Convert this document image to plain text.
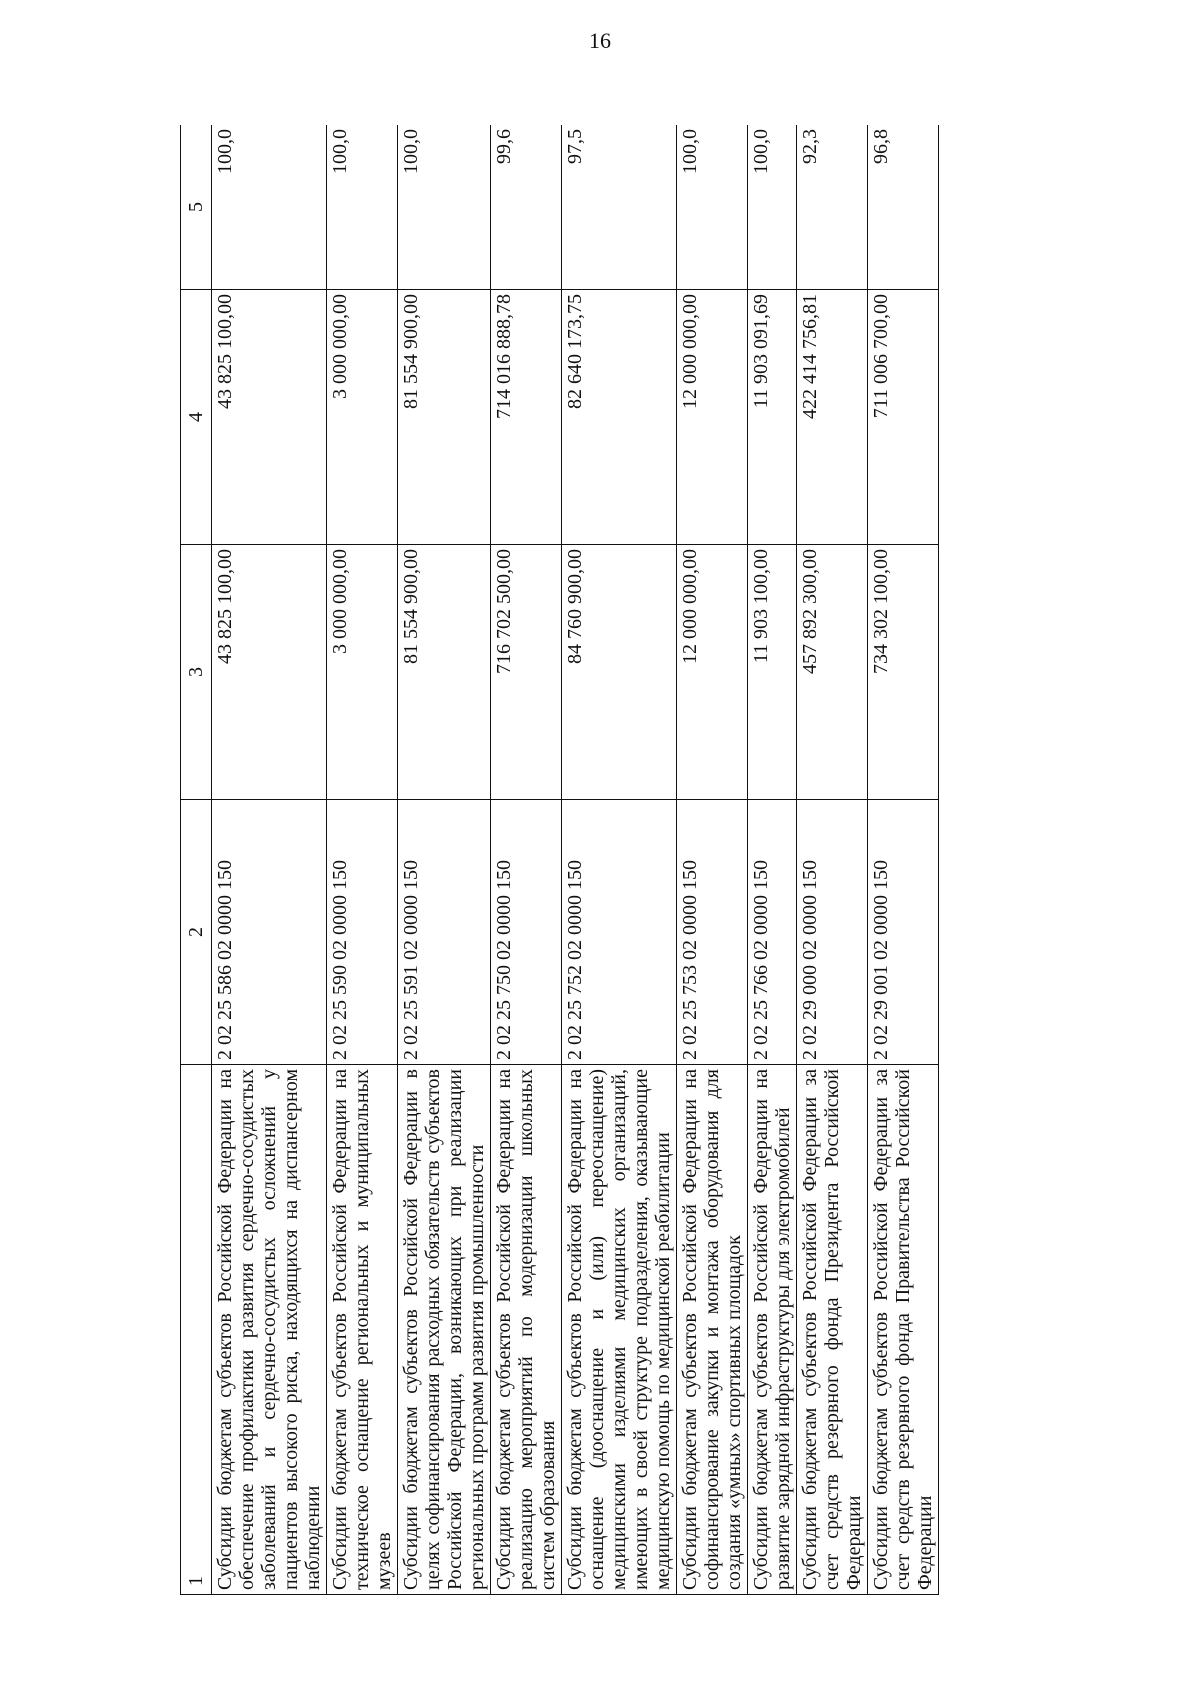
16
1	2	3	4	5
Субсидии бюджетам субъектов Российской Федерации на обеспечение профилактики развития сердечно-сосудистых заболеваний и сердечно-сосудистых осложнений у пациентов высокого риска, находящихся на диспансерном наблюдении	2 02 25 586 02 0000 150	43 825 100,00	43 825 100,00	100,0
Субсидии бюджетам субъектов Российской Федерации на техническое оснащение региональных и муниципальных музеев	2 02 25 590 02 0000 150	3 000 000,00	3 000 000,00	100,0
Субсидии бюджетам субъектов Российской Федерации в целях софинансирования расходных обязательств субъектов Российской Федерации, возникающих при реализации региональных программ развития промышленности	2 02 25 591 02 0000 150	81 554 900,00	81 554 900,00	100,0
Субсидии бюджетам субъектов Российской Федерации на реализацию мероприятий по модернизации школьных систем образования	2 02 25 750 02 0000 150	716 702 500,00	714 016 888,78	99,6
Субсидии бюджетам субъектов Российской Федерации на оснащение (дооснащение и (или) переоснащение) медицинскими изделиями медицинских организаций, имеющих в своей структуре подразделения, оказывающие медицинскую помощь по медицинской реабилитации	2 02 25 752 02 0000 150	84 760 900,00	82 640 173,75	97,5
Субсидии бюджетам субъектов Российской Федерации на софинансирование закупки и монтажа оборудования для создания «умных» спортивных площадок	2 02 25 753 02 0000 150	12 000 000,00	12 000 000,00	100,0
Субсидии бюджетам субъектов Российской Федерации на развитие зарядной инфраструктуры для электромобилей	2 02 25 766 02 0000 150	11 903 100,00	11 903 091,69	100,0
Субсидии бюджетам субъектов Российской Федерации за счет средств резервного фонда Президента Российской Федерации	2 02 29 000 02 0000 150	457 892 300,00	422 414 756,81	92,3
Субсидии бюджетам субъектов Российской Федерации за счет средств резервного фонда Правительства Российской Федерации	2 02 29 001 02 0000 150	734 302 100,00	711 006 700,00	96,8
